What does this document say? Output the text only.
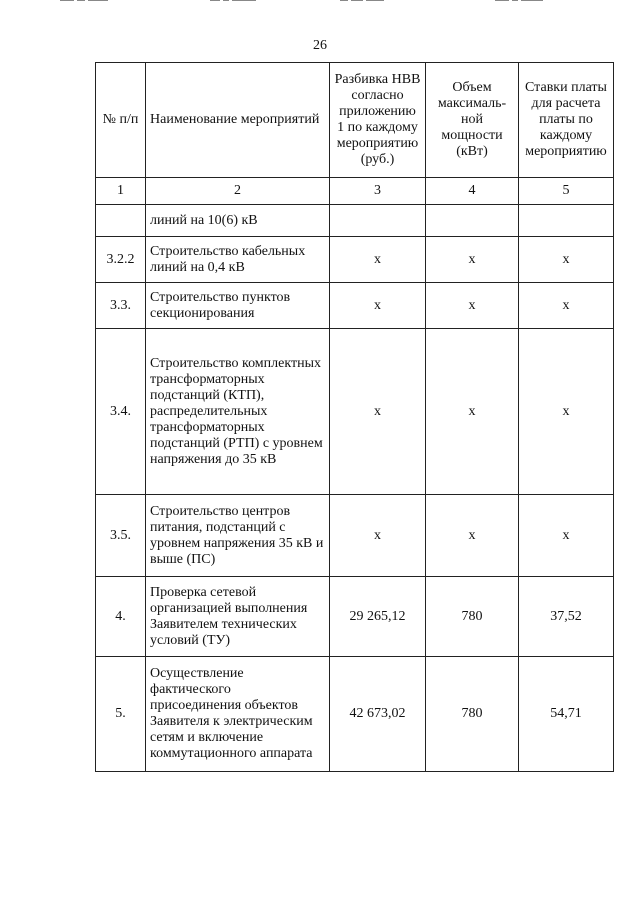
26
№ п/п	Наименование мероприятий	Разбивка НВВ согласно приложению 1 по каждому мероприятию (руб.)	Объем максималь-ной мощности (кВт)	Ставки платы для расчета платы по каждому мероприятию
1	2	3	4	5
	линий на 10(6) кВ			
3.2.2	Строительство кабельных линий на 0,4 кВ	х	х	х
3.3.	Строительство пунктов секционирования	х	х	х
3.4.	Строительство комплектных трансформаторных подстанций (КТП), распределительных трансформаторных подстанций (РТП) с уровнем напряжения до 35 кВ	х	х	х
3.5.	Строительство центров питания, подстанций с уровнем напряжения 35 кВ и выше (ПС)	х	х	х
4.	Проверка сетевой организацией выполнения Заявителем технических условий (ТУ)	29 265,12	780	37,52
5.	Осуществление фактического присоединения объектов Заявителя к электрическим сетям и включение коммутационного аппарата	42 673,02	780	54,71
